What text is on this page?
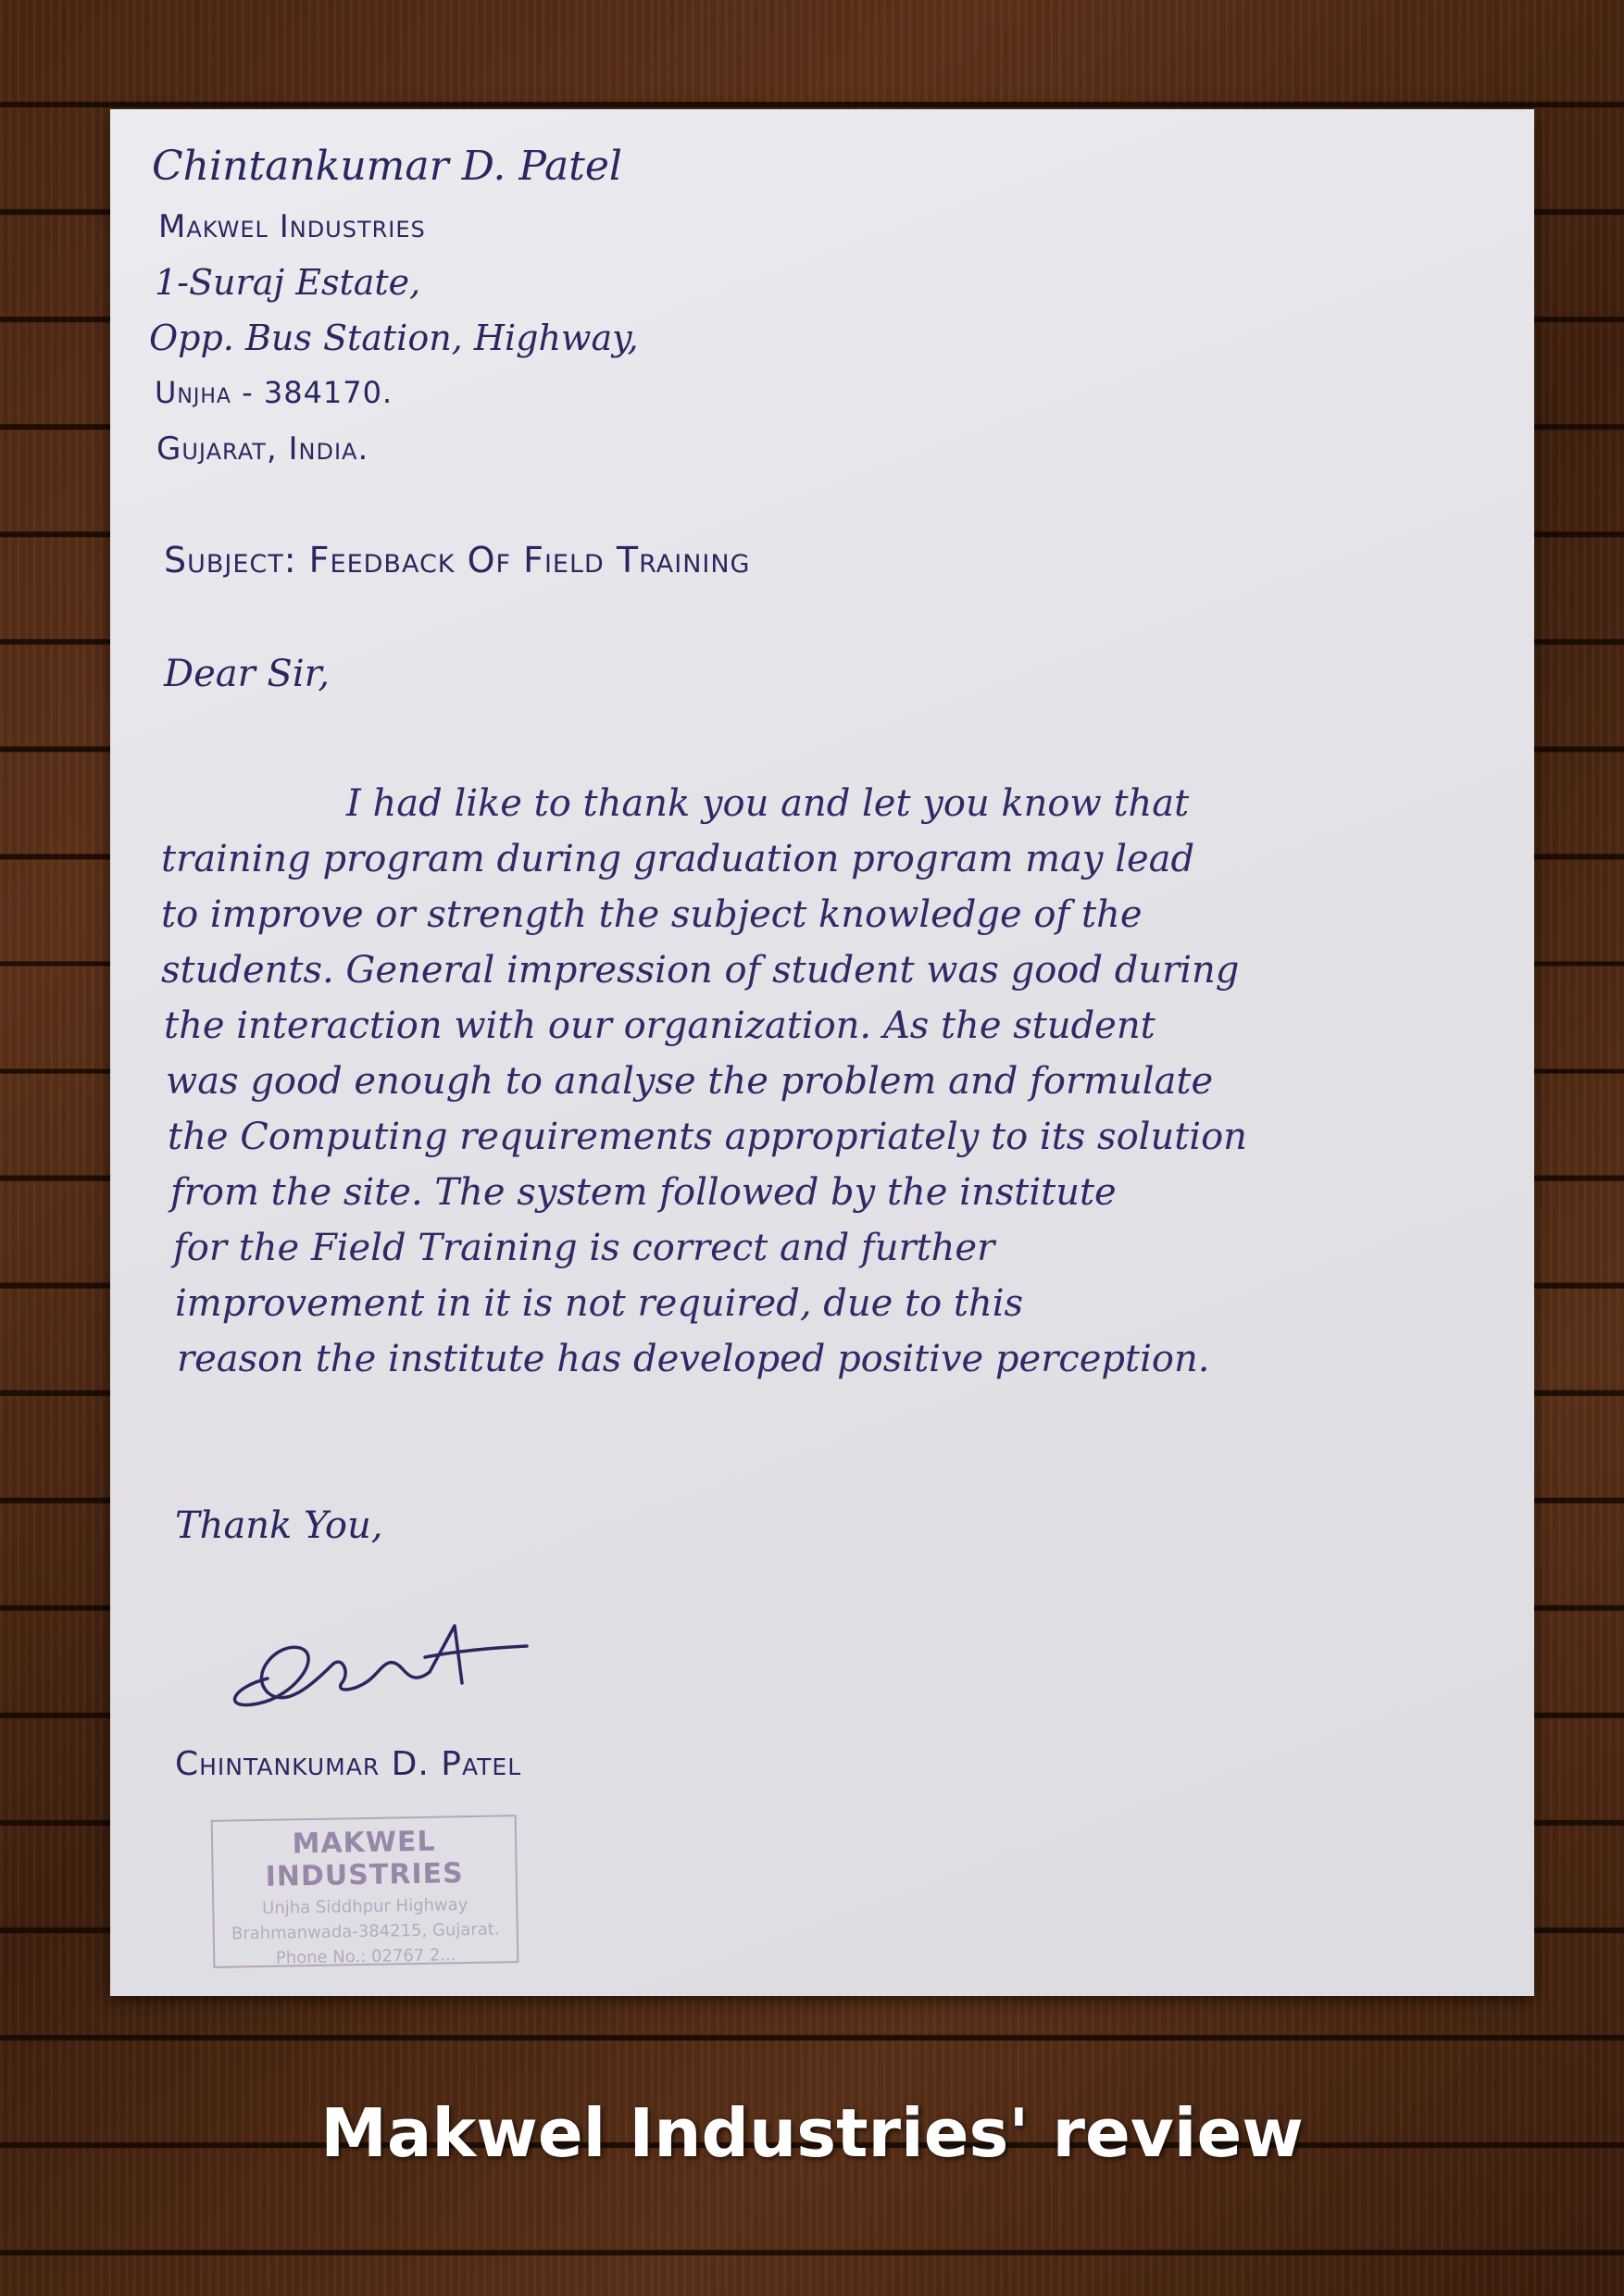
Chintankumar D. Patel
Makwel Industries
1-Suraj Estate,
Opp. Bus Station, Highway,
Unjha - 384170.
Gujarat, India.
Subject: Feedback Of Field Training
Dear Sir,
I had like to thank you and let you know that
training program during graduation program may lead
to improve or strength the subject knowledge of the
students. General impression of student was good during
the interaction with our organization. As the student
was good enough to analyse the problem and formulate
the Computing requirements appropriately to its solution
from the site. The system followed by the institute
for the Field Training is correct and further
improvement in it is not required, due to this
reason the institute has developed positive perception.
Thank You,
Chintankumar D. Patel
MAKWEL INDUSTRIES
Unjha Siddhpur Highway
Brahmanwada-384215, Gujarat.
Phone No.: 02767 2...
Makwel Industries' review
